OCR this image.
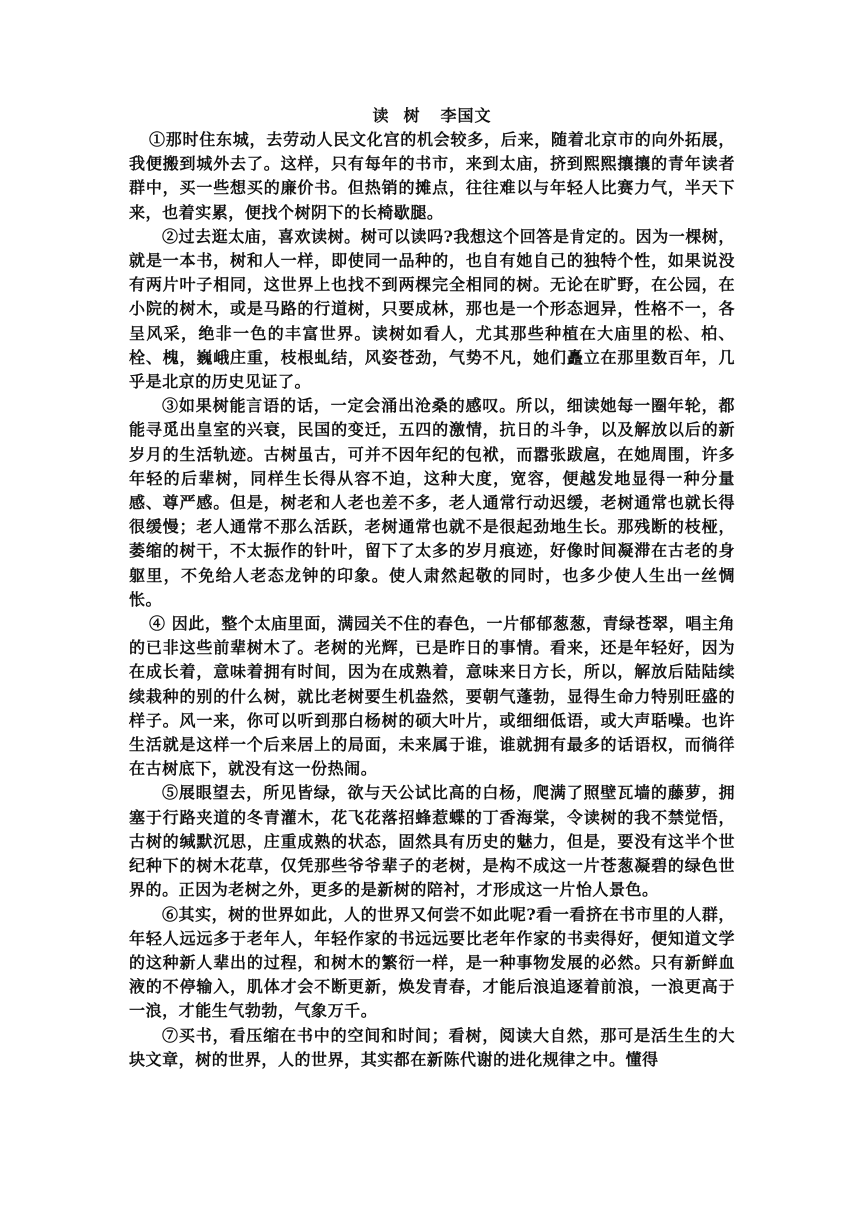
读 树 李国文

①那时住东城，去劳动人民文化宫的机会较多，后来，随着北京市的向外拓展，我便搬到城外去了。这样，只有每年的书市，来到太庙，挤到熙熙攘攘的青年读者群中，买一些想买的廉价书。但热销的摊点，往往难以与年轻人比赛力气，半天下来，也着实累，便找个树阴下的长椅歇腿。

②过去逛太庙，喜欢读树。树可以读吗?我想这个回答是肯定的。因为一棵树，就是一本书，树和人一样，即使同一品种的，也自有她自己的独特个性，如果说没有两片叶子相同，这世界上也找不到两棵完全相同的树。无论在旷野，在公园，在小院的树木，或是马路的行道树，只要成林，那也是一个形态迥异，性格不一，各呈风采，绝非一色的丰富世界。读树如看人，尤其那些种植在大庙里的松、柏、栓、槐，巍峨庄重，枝根虬结，风姿苍劲，气势不凡，她们矗立在那里数百年，几乎是北京的历史见证了。

③如果树能言语的话，一定会涌出沧桑的感叹。所以，细读她每一圈年轮，都能寻觅出皇室的兴衰，民国的变迁，五四的激情，抗日的斗争，以及解放以后的新岁月的生活轨迹。古树虽古，可并不因年纪的包袱，而嚣张跋扈，在她周围，许多年轻的后辈树，同样生长得从容不迫，这种大度，宽容，便越发地显得一种分量感、尊严感。但是，树老和人老也差不多，老人通常行动迟缓，老树通常也就长得很缓慢；老人通常不那么活跃，老树通常也就不是很起劲地生长。那残断的枝桠，萎缩的树干，不太振作的针叶，留下了太多的岁月痕迹，好像时间凝滞在古老的身躯里，不免给人老态龙钟的印象。使人肃然起敬的同时，也多少使人生出一丝惆怅。

④ 因此，整个太庙里面，满园关不住的春色，一片郁郁葱葱，青绿苍翠，唱主角的已非这些前辈树木了。老树的光辉，已是昨日的事情。看来，还是年轻好，因为在成长着，意味着拥有时间，因为在成熟着，意味来日方长，所以，解放后陆陆续续栽种的别的什么树，就比老树要生机盎然，要朝气蓬勃，显得生命力特别旺盛的样子。风一来，你可以听到那白杨树的硕大叶片，或细细低语，或大声聒噪。也许生活就是这样一个后来居上的局面，未来属于谁，谁就拥有最多的话语权，而徜徉在古树底下，就没有这一份热闹。

⑤展眼望去，所见皆绿，欲与天公试比高的白杨，爬满了照壁瓦墙的藤萝，拥塞于行路夹道的冬青灌木，花飞花落招蜂惹蝶的丁香海棠，令读树的我不禁觉悟，古树的缄默沉思，庄重成熟的状态，固然具有历史的魅力，但是，要没有这半个世纪种下的树木花草，仅凭那些爷爷辈子的老树，是构不成这一片苍葱凝碧的绿色世界的。正因为老树之外，更多的是新树的陪衬，才形成这一片怡人景色。

⑥其实，树的世界如此，人的世界又何尝不如此呢?看一看挤在书市里的人群，年轻人远远多于老年人，年轻作家的书远远要比老年作家的书卖得好，便知道文学的这种新人辈出的过程，和树木的繁衍一样，是一种事物发展的必然。只有新鲜血液的不停输入，肌体才会不断更新，焕发青春，才能后浪追逐着前浪，一浪更高于一浪，才能生气勃勃，气象万千。

⑦买书，看压缩在书中的空间和时间；看树，阅读大自然，那可是活生生的大块文章，树的世界，人的世界，其实都在新陈代谢的进化规律之中。懂得
